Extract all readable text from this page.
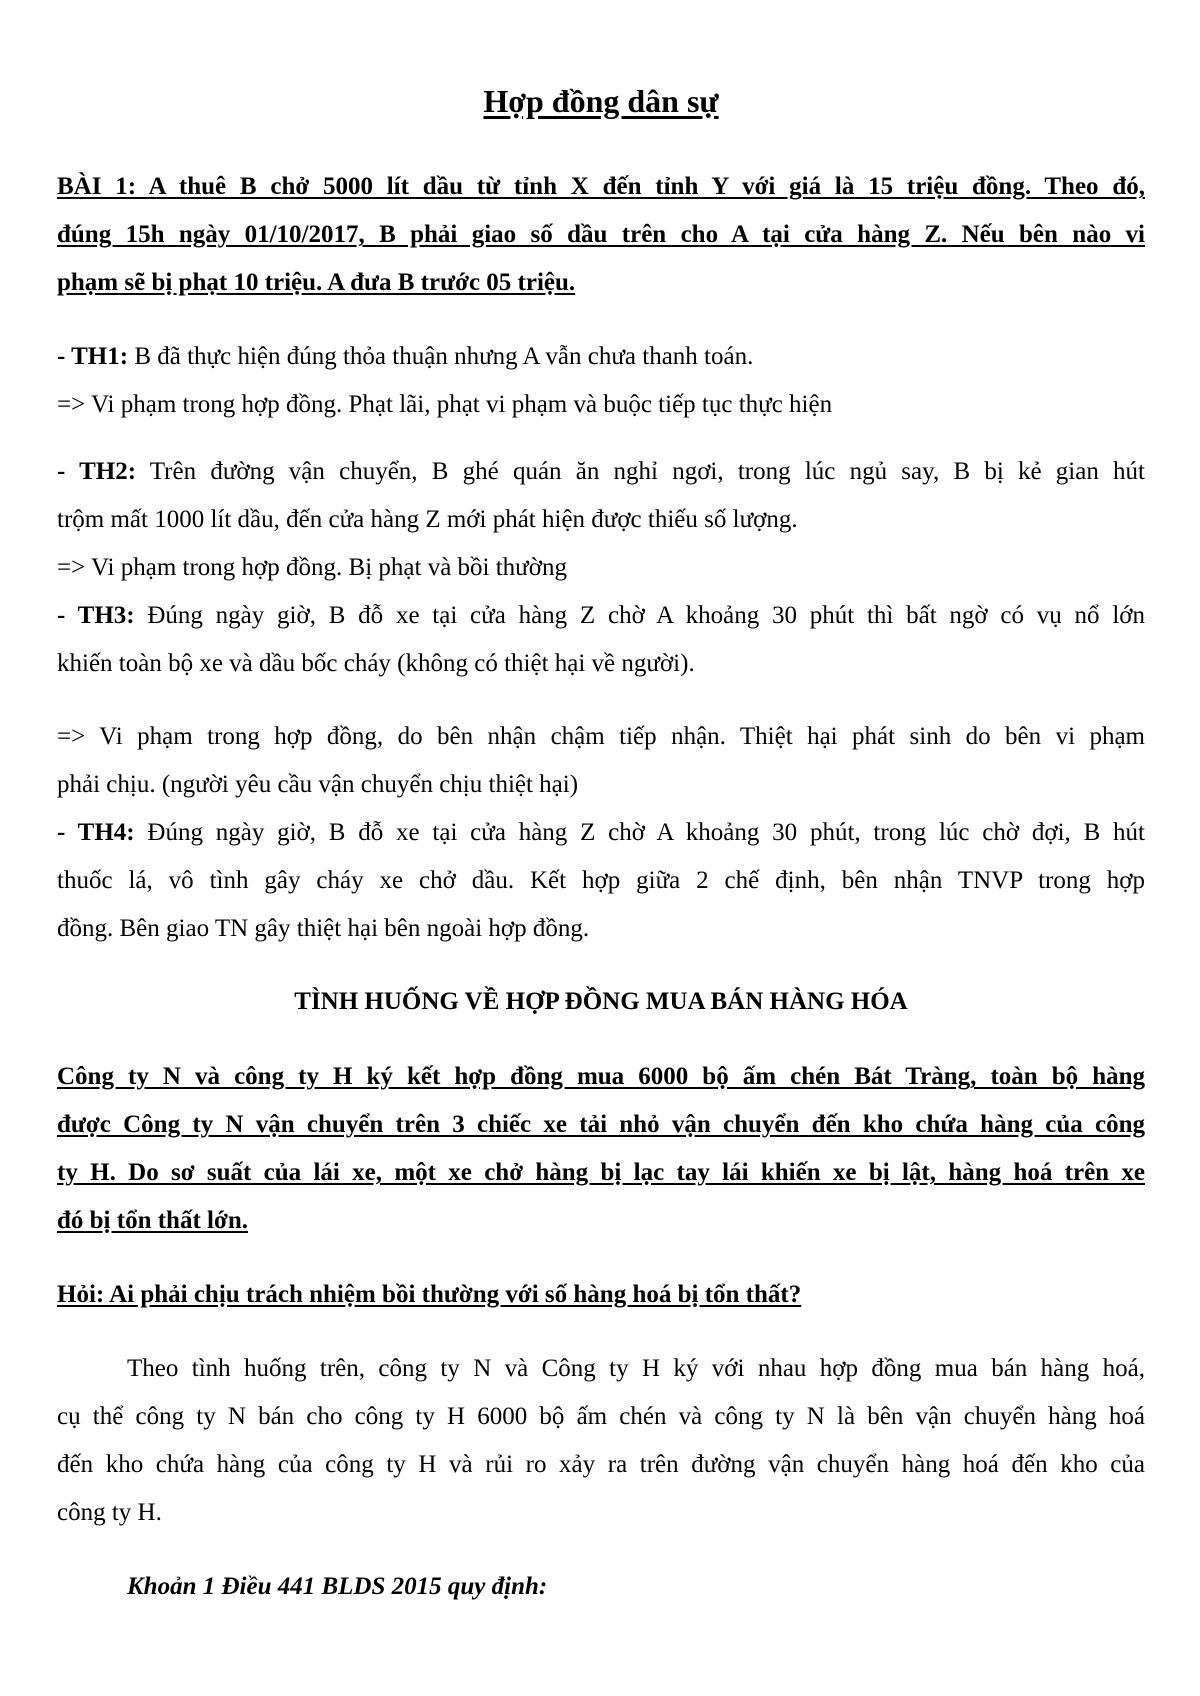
Hợp đồng dân sự
BÀI 1: A thuê B chở 5000 lít dầu từ tỉnh X đến tỉnh Y với giá là 15 triệu đồng. Theo đó,
đúng 15h ngày 01/10/2017, B phải giao số dầu trên cho A tại cửa hàng Z. Nếu bên nào vi
phạm sẽ bị phạt 10 triệu. A đưa B trước 05 triệu.
- TH1: B đã thực hiện đúng thỏa thuận nhưng A vẫn chưa thanh toán.
=> Vi phạm trong hợp đồng. Phạt lãi, phạt vi phạm và buộc tiếp tục thực hiện
- TH2: Trên đường vận chuyển, B ghé quán ăn nghỉ ngơi, trong lúc ngủ say, B bị kẻ gian hút
trộm mất 1000 lít dầu, đến cửa hàng Z mới phát hiện được thiếu số lượng.
=> Vi phạm trong hợp đồng. Bị phạt và bồi thường
- TH3: Đúng ngày giờ, B đỗ xe tại cửa hàng Z chờ A khoảng 30 phút thì bất ngờ có vụ nổ lớn
khiến toàn bộ xe và dầu bốc cháy (không có thiệt hại về người).
=> Vi phạm trong hợp đồng, do bên nhận chậm tiếp nhận. Thiệt hại phát sinh do bên vi phạm
phải chịu. (người yêu cầu vận chuyển chịu thiệt hại)
- TH4: Đúng ngày giờ, B đỗ xe tại cửa hàng Z chờ A khoảng 30 phút, trong lúc chờ đợi, B hút
thuốc lá, vô tình gây cháy xe chở dầu. Kết hợp giữa 2 chế định, bên nhận TNVP trong hợp
đồng. Bên giao TN gây thiệt hại bên ngoài hợp đồng.
TÌNH HUỐNG VỀ HỢP ĐỒNG MUA BÁN HÀNG HÓA
Công ty N và công ty H ký kết hợp đồng mua 6000 bộ ấm chén Bát Tràng, toàn bộ hàng
được Công ty N vận chuyển trên 3 chiếc xe tải nhỏ vận chuyển đến kho chứa hàng của công
ty H. Do sơ suất của lái xe, một xe chở hàng bị lạc tay lái khiến xe bị lật, hàng hoá trên xe
đó bị tổn thất lớn.
Hỏi: Ai phải chịu trách nhiệm bồi thường với số hàng hoá bị tổn thất?
Theo tình huống trên, công ty N và Công ty H ký với nhau hợp đồng mua bán hàng hoá,
cụ thể công ty N bán cho công ty H 6000 bộ ấm chén và công ty N là bên vận chuyển hàng hoá
đến kho chứa hàng của công ty H và rủi ro xảy ra trên đường vận chuyển hàng hoá đến kho của
công ty H.
Khoản 1 Điều 441 BLDS 2015 quy định:
